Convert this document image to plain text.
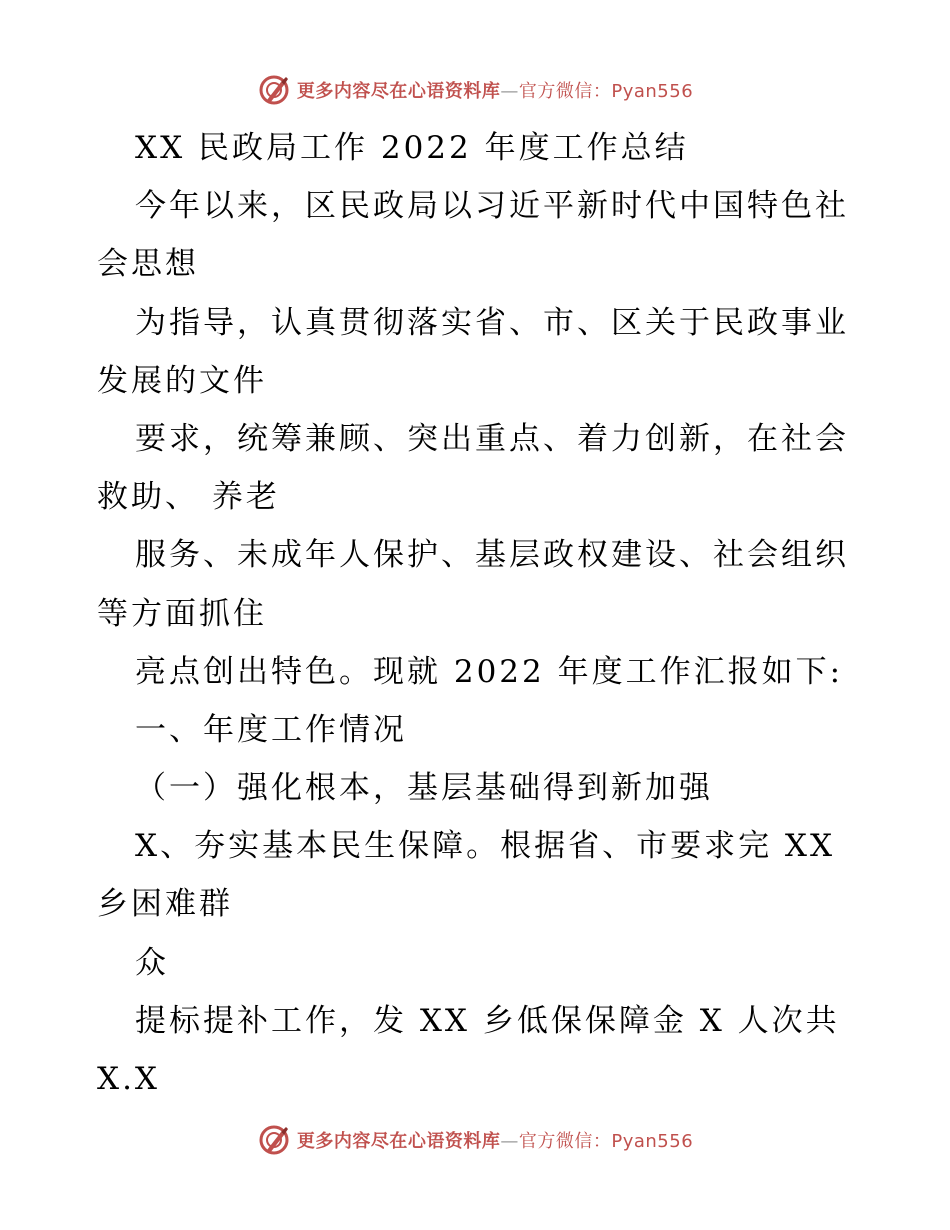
更多内容尽在心语资料库—官方微信：Pyan556
XX 民政局工作 2022 年度工作总结
今年以来，区民政局以习近平新时代中国特色社
会思想
为指导，认真贯彻落实省、市、区关于民政事业
发展的文件
要求，统筹兼顾、突出重点、着力创新，在社会
救助、 养老
服务、未成年人保护、基层政权建设、社会组织
等方面抓住
亮点创出特色。现就 2022 年度工作汇报如下:
一、年度工作情况
（一）强化根本，基层基础得到新加强
X、夯实基本民生保障。根据省、市要求完 XX
乡困难群
众
提标提补工作，发 XX 乡低保保障金 X 人次共
X.X
更多内容尽在心语资料库—官方微信：Pyan556
